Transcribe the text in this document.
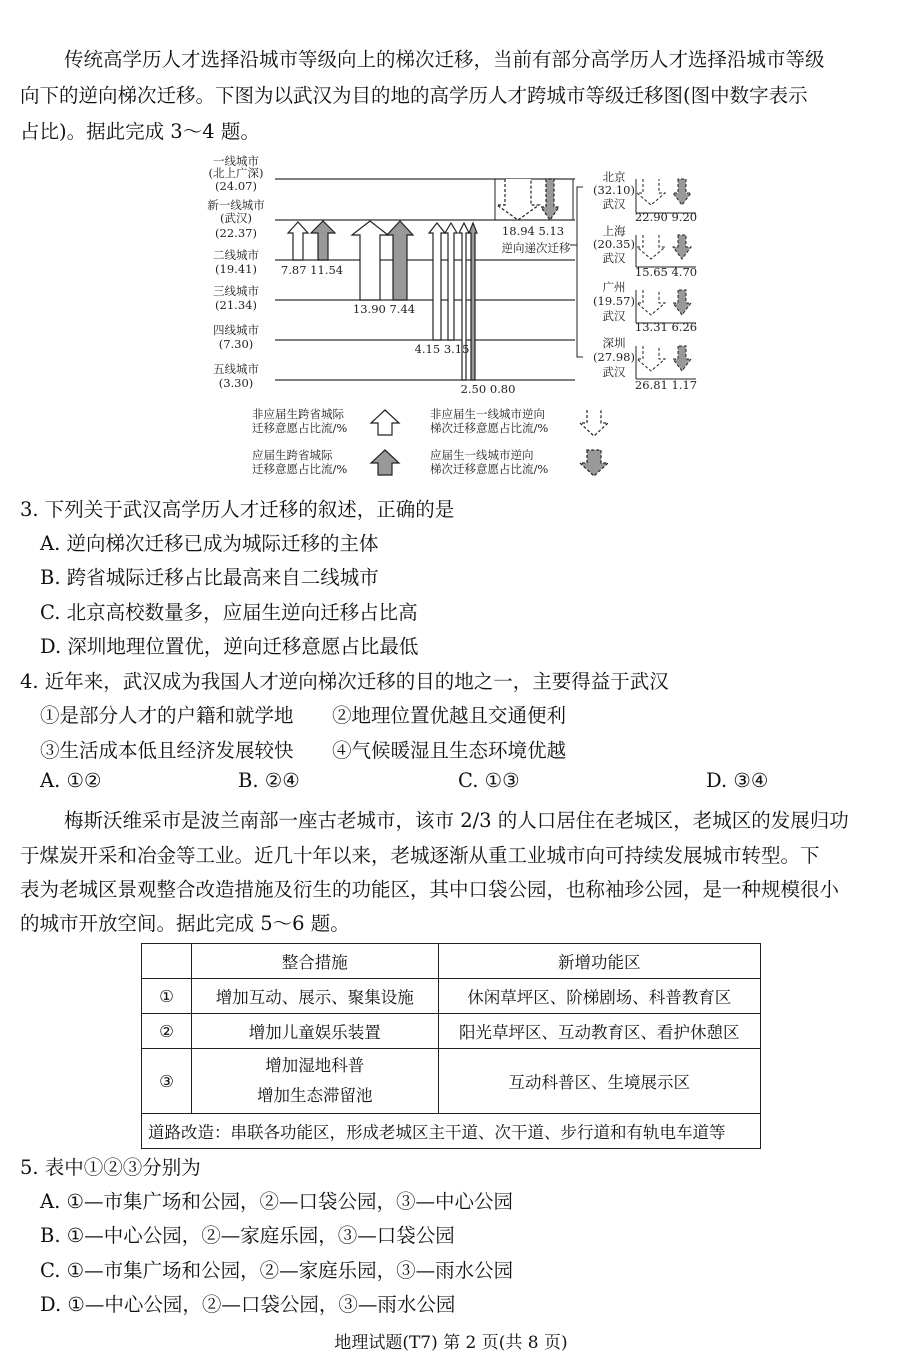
传统高学历人才选择沿城市等级向上的梯次迁移，当前有部分高学历人才选择沿城市等级
向下的逆向梯次迁移。下图为以武汉为目的地的高学历人才跨城市等级迁移图(图中数字表示
占比)。据此完成 3～4 题。
一线城市
(北上广深)
(24.07)
新一线城市
(武汉)
(22.37)
二线城市
(19.41)
三线城市
(21.34)
四线城市
(7.30)
五线城市
(3.30)
7.87 11.54
13.90 7.44
4.15 3.15
2.50 0.80
18.94 5.13
逆向递次迁移
北京
(32.10)
武汉
22.90 9.20
上海
(20.35)
武汉
15.65 4.70
广州
(19.57)
武汉
13.31 6.26
深圳
(27.98)
武汉
26.81 1.17
非应届生跨省城际
迁移意愿占比流/%
应届生跨省城际
迁移意愿占比流/%
非应届生一线城市逆向
梯次迁移意愿占比流/%
应届生一线城市逆向
梯次迁移意愿占比流/%
3. 下列关于武汉高学历人才迁移的叙述，正确的是
A. 逆向梯次迁移已成为城际迁移的主体
B. 跨省城际迁移占比最高来自二线城市
C. 北京高校数量多，应届生逆向迁移占比高
D. 深圳地理位置优，逆向迁移意愿占比最低
4. 近年来，武汉成为我国人才逆向梯次迁移的目的地之一，主要得益于武汉
①是部分人才的户籍和就学地 ②地理位置优越且交通便利
③生活成本低且经济发展较快 ④气候暖湿且生态环境优越
A. ①②	B. ②④	C. ①③	D. ③④
梅斯沃维采市是波兰南部一座古老城市，该市 2/3 的人口居住在老城区，老城区的发展归功
于煤炭开采和冶金等工业。近几十年以来，老城逐渐从重工业城市向可持续发展城市转型。下
表为老城区景观整合改造措施及衍生的功能区，其中口袋公园，也称袖珍公园，是一种规模很小
的城市开放空间。据此完成 5～6 题。
	整合措施	新增功能区
①	增加互动、展示、聚集设施	休闲草坪区、阶梯剧场、科普教育区
②	增加儿童娱乐装置	阳光草坪区、互动教育区、看护休憩区
③	增加湿地科普
增加生态滞留池	互动科普区、生境展示区
道路改造：串联各功能区，形成老城区主干道、次干道、步行道和有轨电车道等		
5. 表中①②③分别为
A. ①—市集广场和公园，②—口袋公园，③—中心公园
B. ①—中心公园，②—家庭乐园，③—口袋公园
C. ①—市集广场和公园，②—家庭乐园，③—雨水公园
D. ①—中心公园，②—口袋公园，③—雨水公园
地理试题(T7) 第 2 页(共 8 页)
